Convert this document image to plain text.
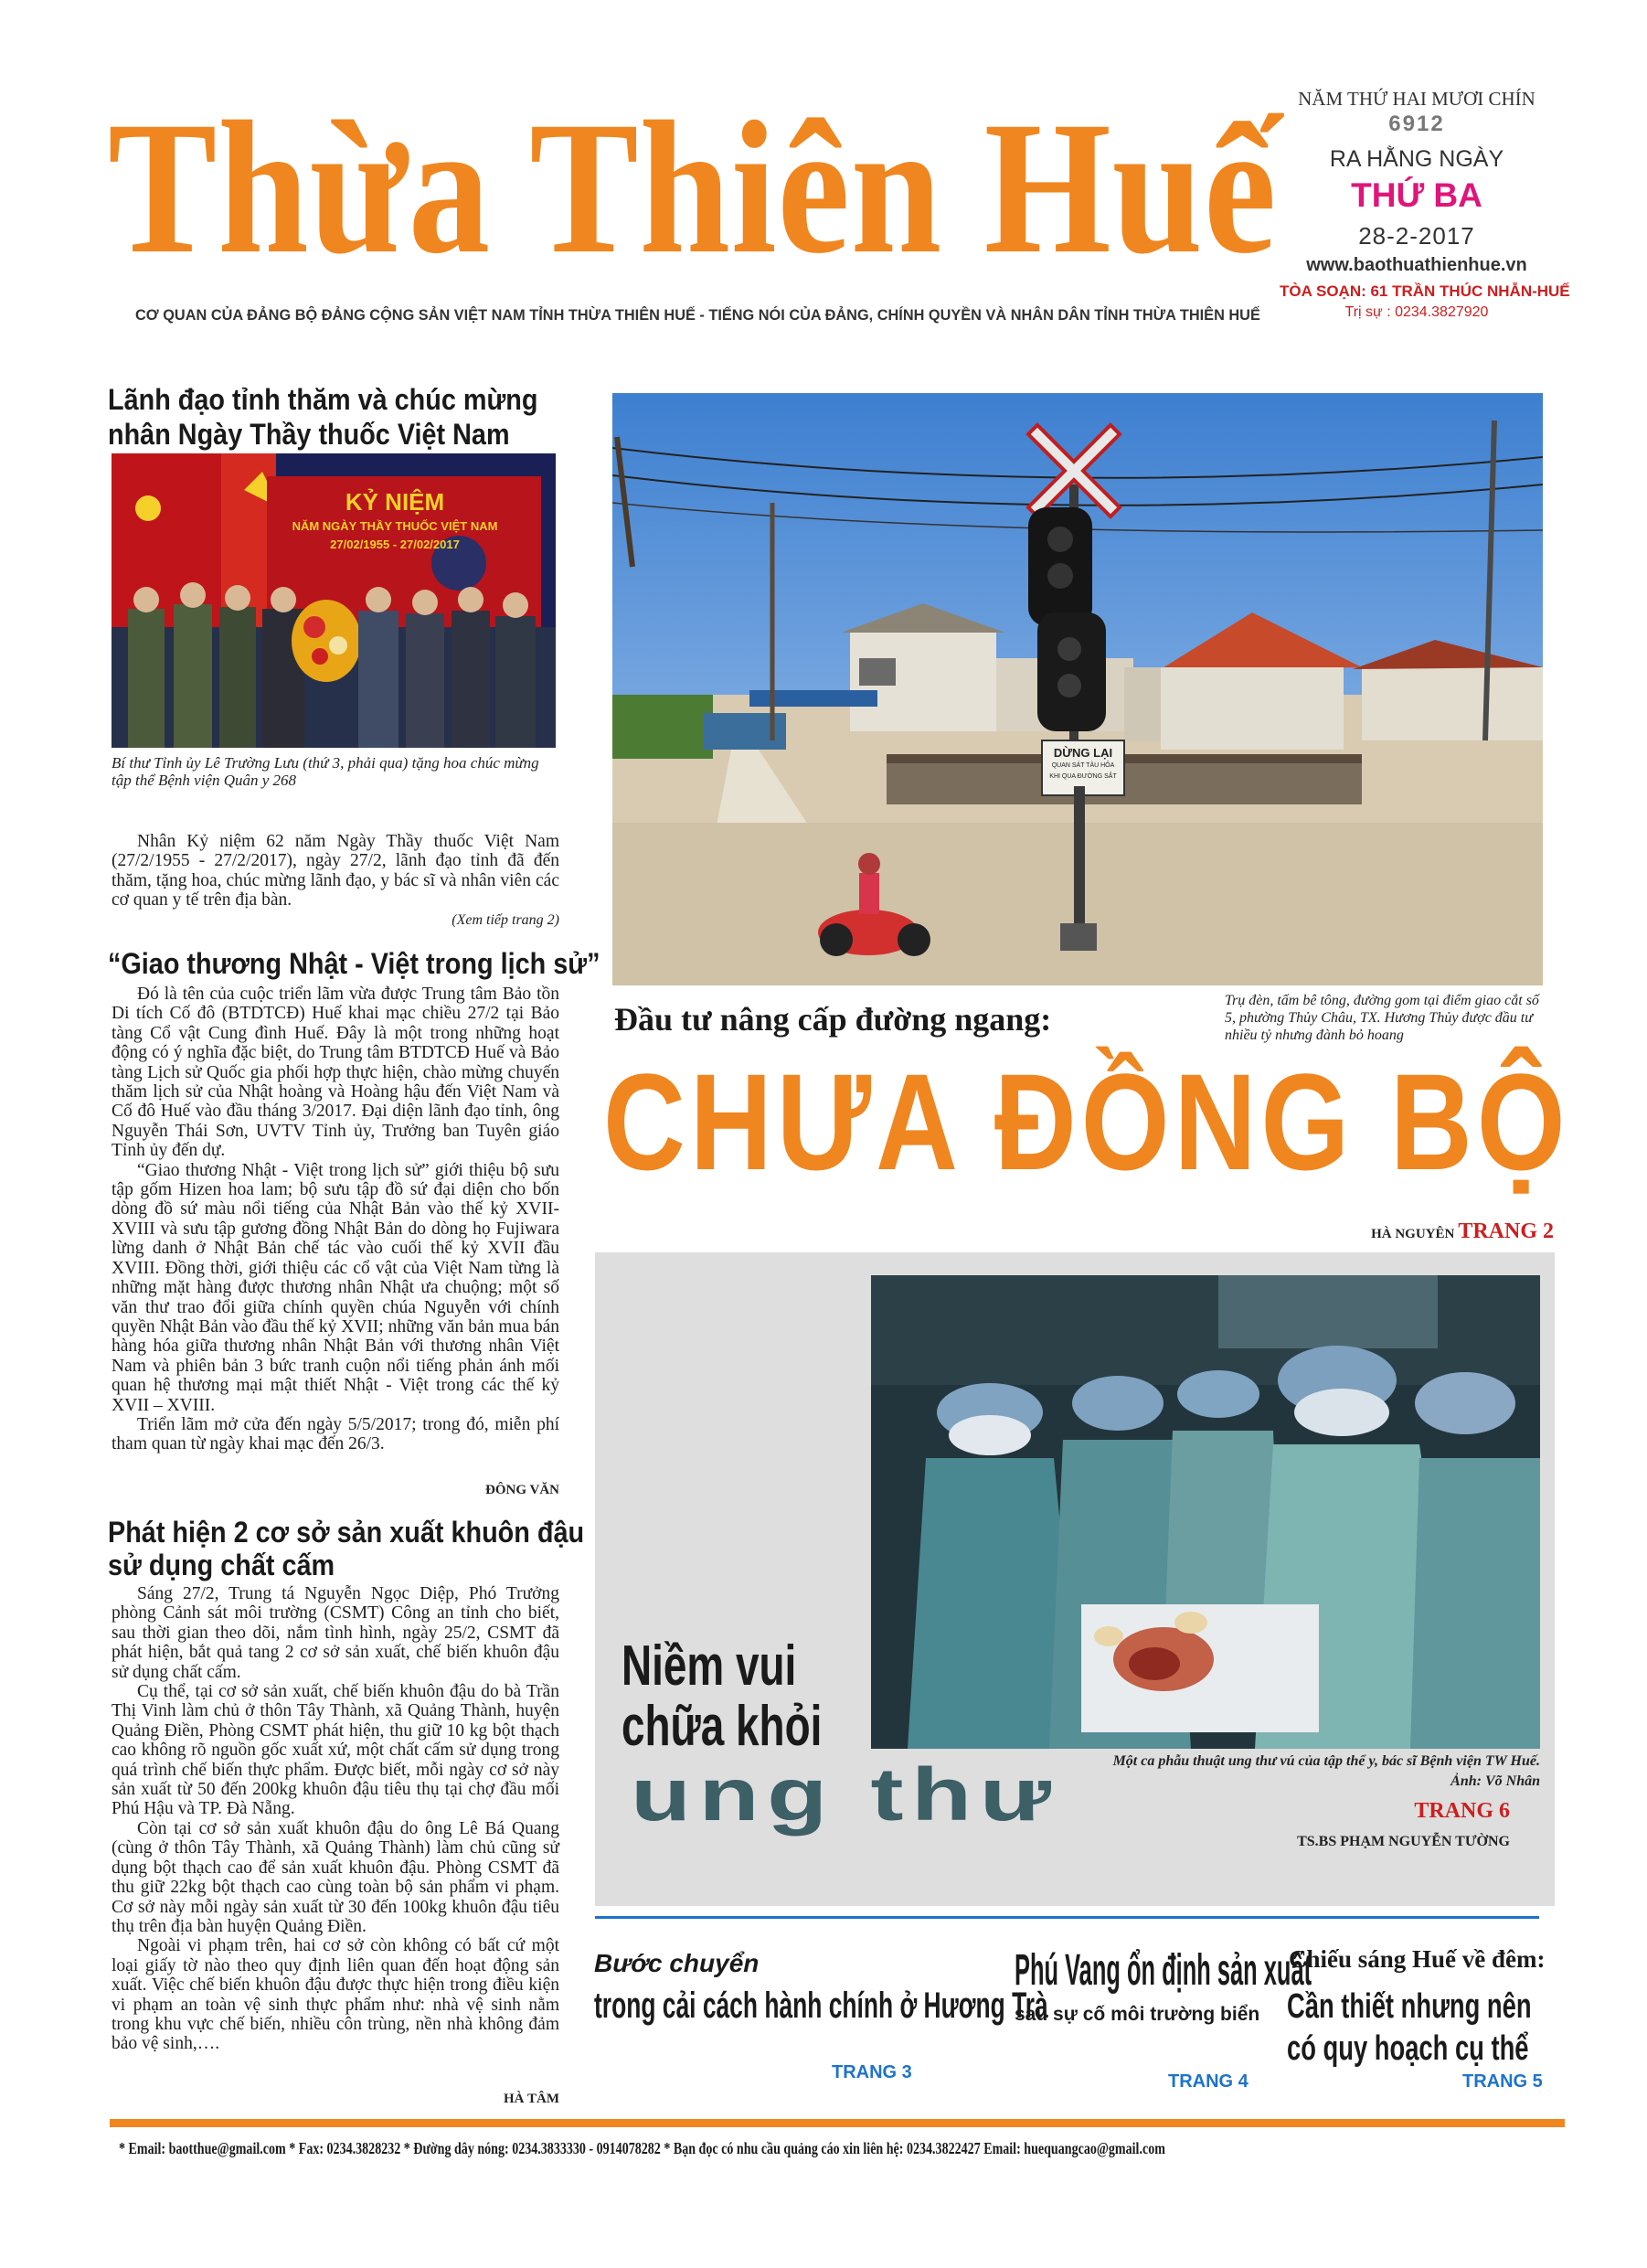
Thừa Thiên Huế	NĂM THỨ HAI MƯƠI CHÍN
6912
RA HẰNG NGÀY
THỨ BA
28-2-2017
www.baothuathienhue.vn
TÒA SOẠN: 61 TRẦN THÚC NHẪN-HUẾ
Trị sự : 0234.3827920
CƠ QUAN CỦA ĐẢNG BỘ ĐẢNG CỘNG SẢN VIỆT NAM TỈNH THỪA THIÊN HUẾ - TIẾNG NÓI CỦA ĐẢNG, CHÍNH QUYỀN VÀ NHÂN DÂN TỈNH THỪA THIÊN HUẾ
Lãnh đạo tỉnh thăm và chúc mừng
nhân Ngày Thầy thuốc Việt Nam
KỶ NIỆM
NĂM NGÀY THẦY THUỐC VIỆT NAM
27/02/1955 - 27/02/2017
Bí thư Tỉnh ủy Lê Trường Lưu (thứ 3, phải qua) tặng hoa chúc mừng tập thể Bệnh viện Quân y 268
Nhân Kỷ niệm 62 năm Ngày Thầy thuốc Việt Nam (27/2/1955 - 27/2/2017), ngày 27/2, lãnh đạo tỉnh đã đến thăm, tặng hoa, chúc mừng lãnh đạo, y bác sĩ và nhân viên các cơ quan y tế trên địa bàn.
(Xem tiếp trang 2)
“Giao thương Nhật - Việt trong lịch sử”
Đó là tên của cuộc triển lãm vừa được Trung tâm Bảo tồn Di tích Cố đô (BTDTCĐ) Huế khai mạc chiều 27/2 tại Bảo tàng Cổ vật Cung đình Huế. Đây là một trong những hoạt động có ý nghĩa đặc biệt, do Trung tâm BTDTCĐ Huế và Bảo tàng Lịch sử Quốc gia phối hợp thực hiện, chào mừng chuyến thăm lịch sử của Nhật hoàng và Hoàng hậu đến Việt Nam và Cố đô Huế vào đầu tháng 3/2017. Đại diện lãnh đạo tỉnh, ông Nguyễn Thái Sơn, UVTV Tỉnh ủy, Trưởng ban Tuyên giáo Tỉnh ủy đến dự.
“Giao thương Nhật - Việt trong lịch sử” giới thiệu bộ sưu tập gốm Hizen hoa lam; bộ sưu tập đồ sứ đại diện cho bốn dòng đồ sứ màu nổi tiếng của Nhật Bản vào thế kỷ XVII- XVIII và sưu tập gương đồng Nhật Bản do dòng họ Fujiwara lừng danh ở Nhật Bản chế tác vào cuối thế kỷ XVII đầu XVIII. Đồng thời, giới thiệu các cổ vật của Việt Nam từng là những mặt hàng được thương nhân Nhật ưa chuộng; một số văn thư trao đổi giữa chính quyền chúa Nguyễn với chính quyền Nhật Bản vào đầu thế kỷ XVII; những văn bản mua bán hàng hóa giữa thương nhân Nhật Bản với thương nhân Việt Nam và phiên bản 3 bức tranh cuộn nổi tiếng phản ánh mối quan hệ thương mại mật thiết Nhật - Việt trong các thế kỷ XVII – XVIII.
Triển lãm mở cửa đến ngày 5/5/2017; trong đó, miễn phí tham quan từ ngày khai mạc đến 26/3.
ĐÔNG VĂN
Phát hiện 2 cơ sở sản xuất khuôn đậu
sử dụng chất cấm
Sáng 27/2, Trung tá Nguyễn Ngọc Diệp, Phó Trưởng phòng Cảnh sát môi trường (CSMT) Công an tỉnh cho biết, sau thời gian theo dõi, nắm tình hình, ngày 25/2, CSMT đã phát hiện, bắt quả tang 2 cơ sở sản xuất, chế biến khuôn đậu sử dụng chất cấm.
Cụ thể, tại cơ sở sản xuất, chế biến khuôn đậu do bà Trần Thị Vinh làm chủ ở thôn Tây Thành, xã Quảng Thành, huyện Quảng Điền, Phòng CSMT phát hiện, thu giữ 10 kg bột thạch cao không rõ nguồn gốc xuất xứ, một chất cấm sử dụng trong quá trình chế biến thực phẩm. Được biết, mỗi ngày cơ sở này sản xuất từ 50 đến 200kg khuôn đậu tiêu thụ tại chợ đầu mối Phú Hậu và TP. Đà Nẵng.
Còn tại cơ sở sản xuất khuôn đậu do ông Lê Bá Quang (cùng ở thôn Tây Thành, xã Quảng Thành) làm chủ cũng sử dụng bột thạch cao để sản xuất khuôn đậu. Phòng CSMT đã thu giữ 22kg bột thạch cao cùng toàn bộ sản phẩm vi phạm. Cơ sở này mỗi ngày sản xuất từ 30 đến 100kg khuôn đậu tiêu thụ trên địa bàn huyện Quảng Điền.
Ngoài vi phạm trên, hai cơ sở còn không có bất cứ một loại giấy tờ nào theo quy định liên quan đến hoạt động sản xuất. Việc chế biến khuôn đậu được thực hiện trong điều kiện vi phạm an toàn vệ sinh thực phẩm như: nhà vệ sinh nằm trong khu vực chế biến, nhiều côn trùng, nền nhà không đảm bảo vệ sinh,….
HÀ TÂM
DỪNG LẠI
QUAN SÁT TÀU HỎA
KHI QUA ĐƯỜNG SẮT
Trụ đèn, tấm bê tông, đường gom tại điểm giao cắt số 5, phường Thủy Châu, TX. Hương Thủy được đầu tư nhiều tỷ nhưng đành bỏ hoang
Đầu tư nâng cấp đường ngang:
CHƯA ĐỒNG BỘ
HÀ NGUYÊN TRANG 2
Niềm vui
chữa khỏi
ung thư	Một ca phẫu thuật ung thư vú của tập thể y, bác sĩ Bệnh viện TW Huế.
Ảnh: Võ Nhân
TRANG 6
TS.BS PHẠM NGUYỄN TƯỜNG
Bước chuyển
trong cải cách hành chính ở Hương Trà
TRANG 3
Phú Vang ổn định sản xuất
sau sự cố môi trường biển
TRANG 4
Chiếu sáng Huế về đêm:
Cần thiết nhưng nên
có quy hoạch cụ thể
TRANG 5
* Email: baotthue@gmail.com * Fax: 0234.3828232 * Đường dây nóng: 0234.3833330 - 0914078282 * Bạn đọc có nhu cầu quảng cáo xin liên hệ: 0234.3822427 Email: huequangcao@gmail.com
